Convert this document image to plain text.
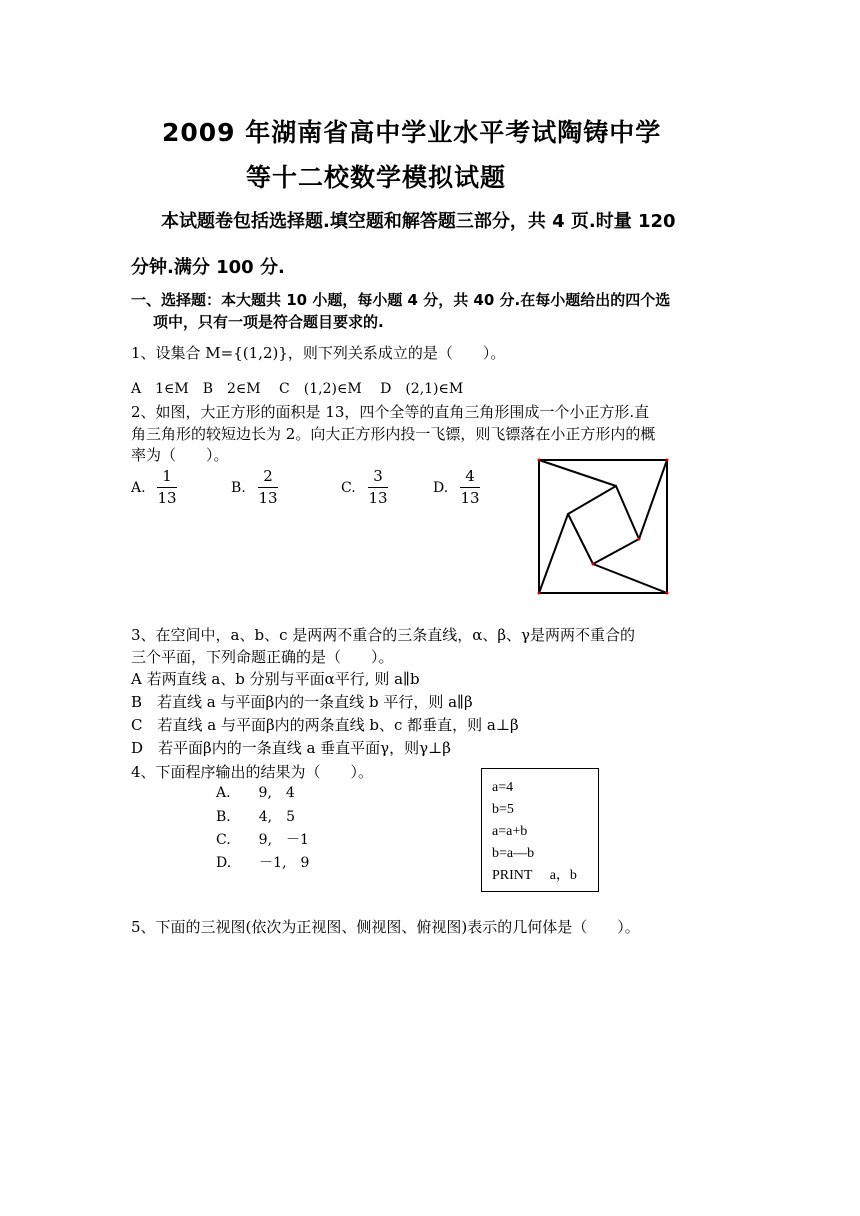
2009 年湖南省高中学业水平考试陶铸中学
等十二校数学模拟试题
本试题卷包括选择题.填空题和解答题三部分，共 4 页.时量 120
分钟.满分 100 分.
一、选择题：本大题共 10 小题，每小题 4 分，共 40 分.在每小题给出的四个选
项中，只有一项是符合题目要求的.
1、设集合 M={(1,2)}，则下列关系成立的是（　　）。
A　1∈M　B　2∈M　 C　(1,2)∈M　 D　(2,1)∈M
2、如图，大正方形的面积是 13，四个全等的直角三角形围成一个小正方形.直
角三角形的较短边长为 2。向大正方形内投一飞镖，则飞镖落在小正方形内的概
率为（　　）。
A.
1
13
B.
2
13
C.
3
13
D.
4
13
3、在空间中，a、b、c 是两两不重合的三条直线，α、β、γ是两两不重合的
三个平面，下列命题正确的是（　　）。
A 若两直线 a、b 分别与平面α平行, 则 a∥b
B　若直线 a 与平面β内的一条直线 b 平行，则 a∥β
C　若直线 a 与平面β内的两条直线 b、c 都垂直，则 a⊥β
D　若平面β内的一条直线 a 垂直平面γ，则γ⊥β
4、下面程序输出的结果为（　　）。
A.　　9,　4
B.　　4,　5
C.　　9,　－1
D.　　－1,　9
a=4
b=5
a=a+b
b=a—b
PRINT　 a，b
5、下面的三视图(依次为正视图、侧视图、俯视图)表示的几何体是（　　）。
